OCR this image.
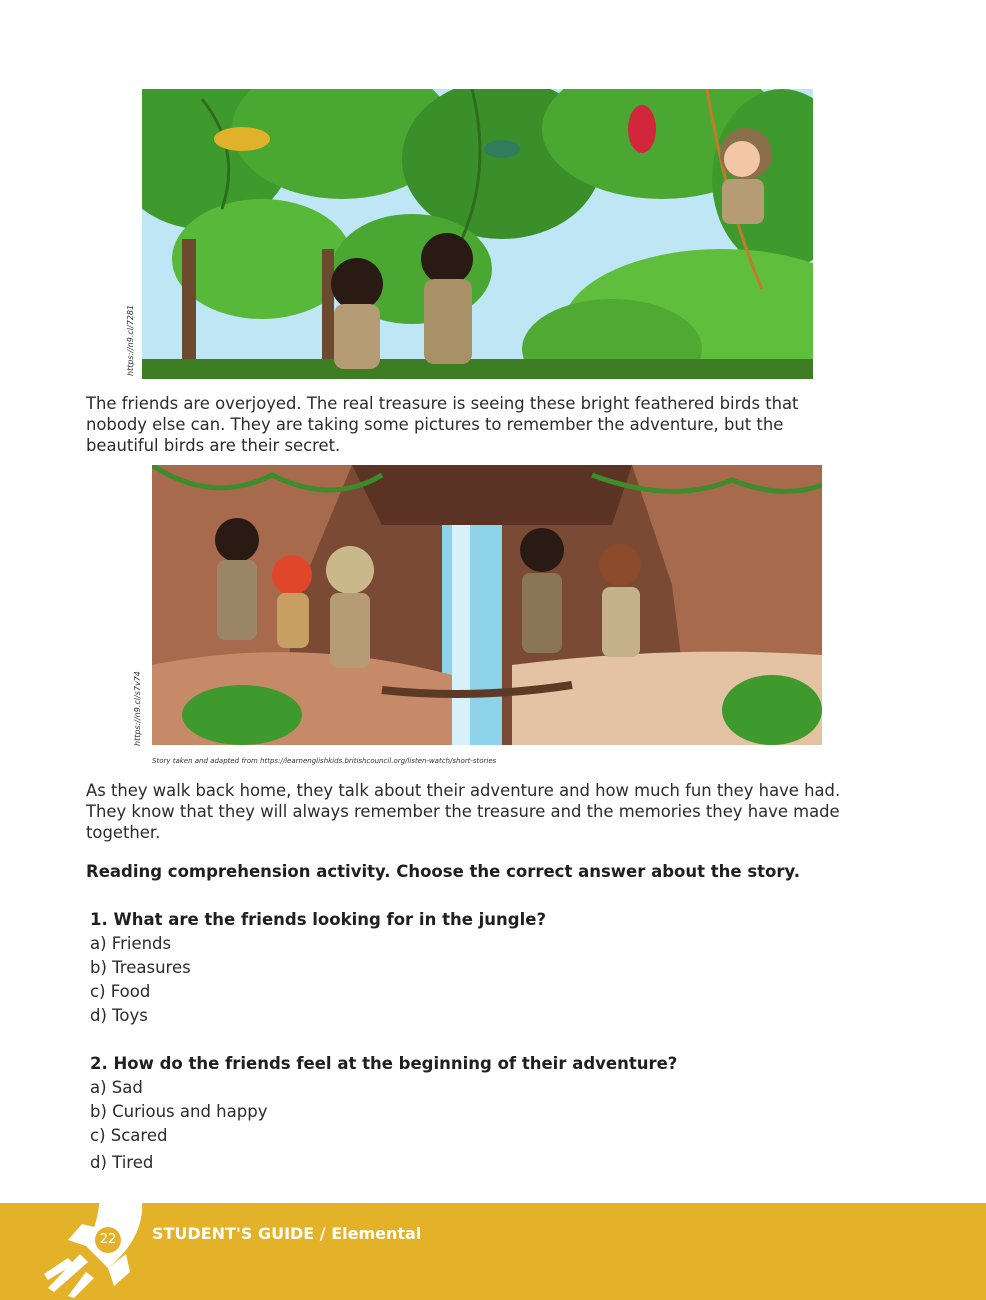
https://n9.cl/7281

The friends are overjoyed. The real treasure is seeing these bright feathered birds that nobody else can. They are taking some pictures to remember the adventure, but the beautiful birds are their secret.

https://n9.cl/s7v74
Story taken and adapted from https://learnenglishkids.britishcouncil.org/listen-watch/short-stories

As they walk back home, they talk about their adventure and how much fun they have had. They know that they will always remember the treasure and the memories they have made together.

Reading comprehension activity. Choose the correct answer about the story.

1. What are the friends looking for in the jungle?
a) Friends
b) Treasures
c) Food
d) Toys
2. How do the friends feel at the beginning of their adventure?
a) Sad
b) Curious and happy
c) Scared
d) Tired
22 STUDENT'S GUIDE / Elemental
